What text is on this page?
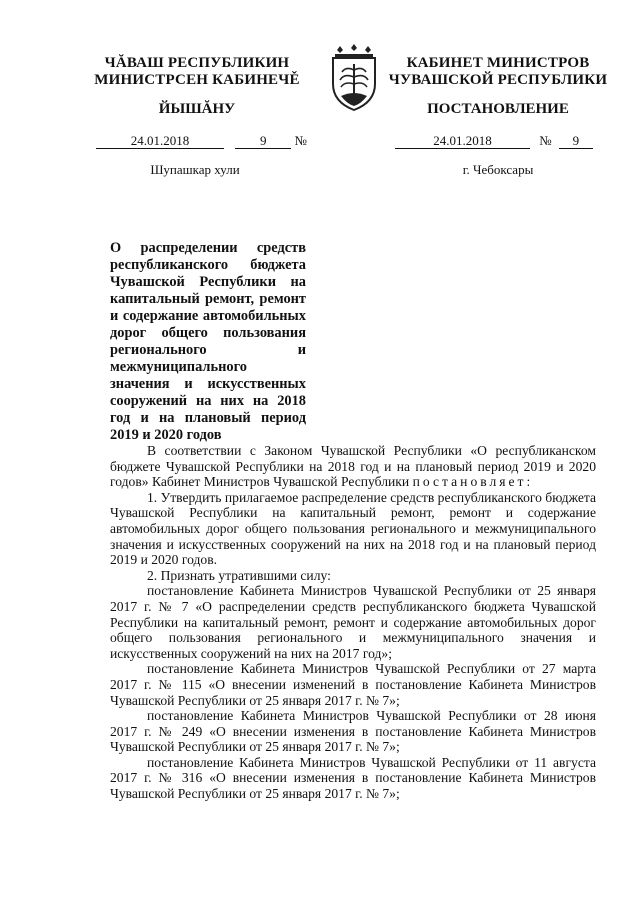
ЧĂВАШ РЕСПУБЛИКИН
МИНИСТРСЕН КАБИНЕЧĚ
ЙЫШĂНУ
КАБИНЕТ МИНИСТРОВ
ЧУВАШСКОЙ РЕСПУБЛИКИ
ПОСТАНОВЛЕНИЕ
24.01.2018	9 №	24.01.2018	№ 9
Шупашкар хули	г. Чебоксары
О распределении средств республиканского бюджета Чувашской Республики на капитальный ремонт, ремонт и содержание автомобильных дорог общего пользования регионального и межмуниципального значения и искусственных сооружений на них на 2018 год и на плановый период 2019 и 2020 годов

В соответствии с Законом Чувашской Республики «О республиканском бюджете Чувашской Республики на 2018 год и на плановый период 2019 и 2020 годов» Кабинет Министров Чувашской Республики постановляет:

1. Утвердить прилагаемое распределение средств республиканского бюджета Чувашской Республики на капитальный ремонт, ремонт и содержание автомобильных дорог общего пользования регионального и межмуниципального значения и искусственных сооружений на них на 2018 год и на плановый период 2019 и 2020 годов.

2. Признать утратившими силу:

постановление Кабинета Министров Чувашской Республики от 25 января 2017 г. № 7 «О распределении средств республиканского бюджета Чувашской Республики на капитальный ремонт, ремонт и содержание автомобильных дорог общего пользования регионального и межмуниципального значения и искусственных сооружений на них на 2017 год»;

постановление Кабинета Министров Чувашской Республики от 27 марта 2017 г. № 115 «О внесении изменений в постановление Кабинета Министров Чувашской Республики от 25 января 2017 г. № 7»;

постановление Кабинета Министров Чувашской Республики от 28 июня 2017 г. № 249 «О внесении изменения в постановление Кабинета Министров Чувашской Республики от 25 января 2017 г. № 7»;

постановление Кабинета Министров Чувашской Республики от 11 августа 2017 г. № 316 «О внесении изменения в постановление Кабинета Министров Чувашской Республики от 25 января 2017 г. № 7»;
